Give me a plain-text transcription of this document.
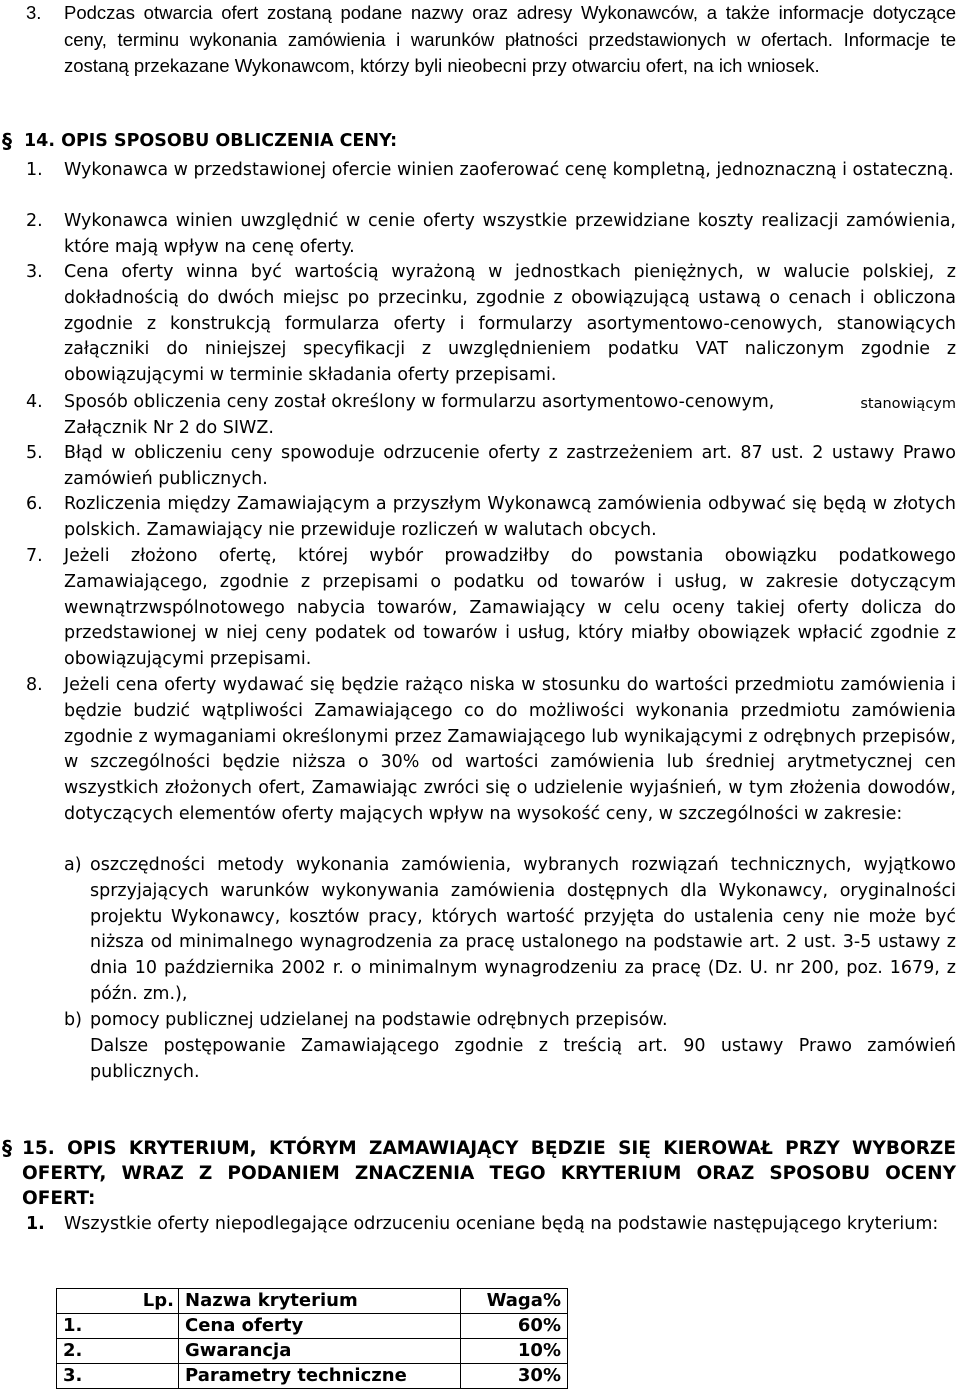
3. Podczas otwarcia ofert zostaną podane nazwy oraz adresy Wykonawców, a także informacje dotyczące ceny, terminu wykonania zamówienia i warunków płatności przedstawionych w ofertach. Informacje te zostaną przekazane Wykonawcom, którzy byli nieobecni przy otwarciu ofert, na ich wniosek.
§ 14. OPIS SPOSOBU OBLICZENIA CENY:
1. Wykonawca w przedstawionej ofercie winien zaoferować cenę kompletną, jednoznaczną i ostateczną.
2. Wykonawca winien uwzględnić w cenie oferty wszystkie przewidziane koszty realizacji zamówienia, które mają wpływ na cenę oferty.
3. Cena oferty winna być wartością wyrażoną w jednostkach pieniężnych, w walucie polskiej, z dokładnością do dwóch miejsc po przecinku, zgodnie z obowiązującą ustawą o cenach i obliczona zgodnie z konstrukcją formularza oferty i formularzy asortymentowo-cenowych, stanowiących załączniki do niniejszej specyfikacji z uwzględnieniem podatku VAT naliczonym zgodnie z obowiązującymi w terminie składania oferty przepisami.
4. Sposób obliczenia ceny został określony w formularzu asortymentowo-cenowym,	stanowiącym

Załącznik Nr 2 do SIWZ.
5. Błąd w obliczeniu ceny spowoduje odrzucenie oferty z zastrzeżeniem art. 87 ust. 2 ustawy Prawo zamówień publicznych.
6. Rozliczenia między Zamawiającym a przyszłym Wykonawcą zamówienia odbywać się będą w złotych polskich. Zamawiający nie przewiduje rozliczeń w walutach obcych.
7. Jeżeli złożono ofertę, której wybór prowadziłby do powstania obowiązku podatkowego Zamawiającego, zgodnie z przepisami o podatku od towarów i usług, w zakresie dotyczącym wewnątrzwspólnotowego nabycia towarów, Zamawiający w celu oceny takiej oferty dolicza do przedstawionej w niej ceny podatek od towarów i usług, który miałby obowiązek wpłacić zgodnie z obowiązującymi przepisami.
8. Jeżeli cena oferty wydawać się będzie rażąco niska w stosunku do wartości przedmiotu zamówienia i będzie budzić wątpliwości Zamawiającego co do możliwości wykonania przedmiotu zamówienia zgodnie z wymaganiami określonymi przez Zamawiającego lub wynikającymi z odrębnych przepisów, w szczególności będzie niższa o 30% od wartości zamówienia lub średniej arytmetycznej cen wszystkich złożonych ofert, Zamawiając zwróci się o udzielenie wyjaśnień, w tym złożenia dowodów, dotyczących elementów oferty mających wpływ na wysokość ceny, w szczególności w zakresie:
a) oszczędności metody wykonania zamówienia, wybranych rozwiązań technicznych, wyjątkowo sprzyjających warunków wykonywania zamówienia dostępnych dla Wykonawcy, oryginalności projektu Wykonawcy, kosztów pracy, których wartość przyjęta do ustalenia ceny nie może być niższa od minimalnego wynagrodzenia za pracę ustalonego na podstawie art. 2 ust. 3-5 ustawy z dnia 10 października 2002 r. o minimalnym wynagrodzeniu za pracę (Dz. U. nr 200, poz. 1679, z późn. zm.),
b) pomocy publicznej udzielanej na podstawie odrębnych przepisów.
Dalsze postępowanie Zamawiającego zgodnie z treścią art. 90 ustawy Prawo zamówień publicznych.
§ 15. OPIS KRYTERIUM, KTÓRYM ZAMAWIAJĄCY BĘDZIE SIĘ KIEROWAŁ PRZY WYBORZE OFERTY, WRAZ Z PODANIEM ZNACZENIA TEGO KRYTERIUM ORAZ SPOSOBU OCENY OFERT:
1. Wszystkie oferty niepodlegające odrzuceniu oceniane będą na podstawie następującego kryterium:
Lp.	Nazwa kryterium	Waga%
1.	Cena oferty	60%
2.	Gwarancja	10%
3.	Parametry techniczne	30%
